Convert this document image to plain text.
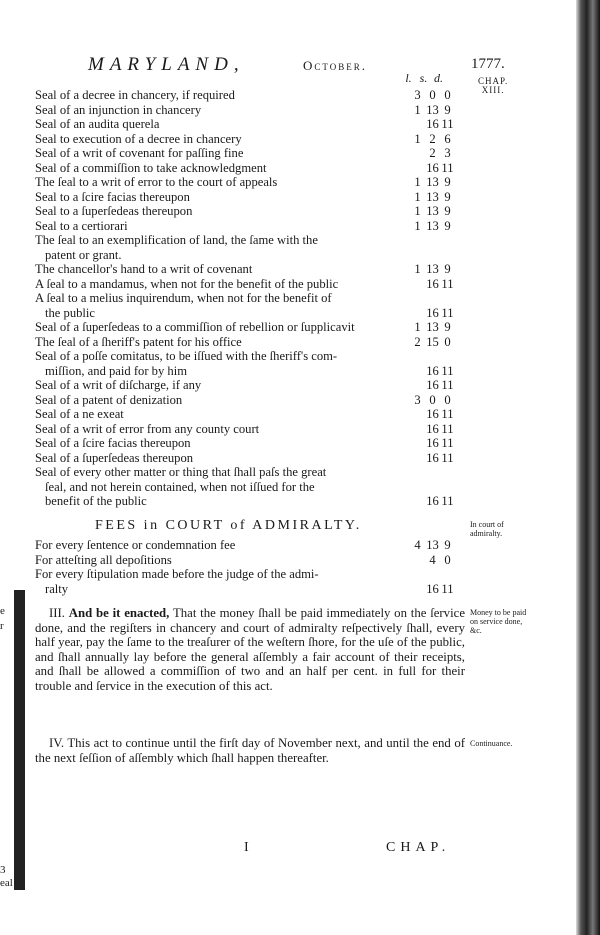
e
r
3
eal
MARYLAND,	October.	1777.
l. s. d.	CHAP.
XIII.
Seal of a decree in chancery, if required	3 0 0
Seal of an injunction in chancery	1 13 9
Seal of an audita querela	16 11
Seal to execution of a decree in chancery	1 2 6
Seal of a writ of covenant for paſſing fine	2 3
Seal of a commiſſion to take acknowledgment	16 11
The ſeal to a writ of error to the court of appeals	1 13 9
Seal to a ſcire facias thereupon	1 13 9
Seal to a ſuperſedeas thereupon	1 13 9
Seal to a certiorari	1 13 9
The ſeal to an exemplification of land, the ſame with the
patent or grant.
The chancellor's hand to a writ of covenant	1 13 9
A ſeal to a mandamus, when not for the benefit of the public	16 11
A ſeal to a melius inquirendum, when not for the benefit of
the public	16 11
Seal of a ſuperſedeas to a commiſſion of rebellion or ſupplicavit	1 13 9
The ſeal of a ſheriff's patent for his office	2 15 0
Seal of a poſſe comitatus, to be iſſued with the ſheriff's com-
miſſion, and paid for by him	16 11
Seal of a writ of diſcharge, if any	16 11
Seal of a patent of denization	3 0 0
Seal of a ne exeat	16 11
Seal of a writ of error from any county court	16 11
Seal of a ſcire facias thereupon	16 11
Seal of a ſuperſedeas thereupon	16 11
Seal of every other matter or thing that ſhall paſs the great
ſeal, and not herein contained, when not iſſued for the
benefit of the public	16 11
FEES in COURT of ADMIRALTY.	In court of admiralty.
For every ſentence or condemnation fee	4 13 9
For atteſting all depoſitions	4 0
For every ſtipulation made before the judge of the admi-
ralty	16 11

III. And be it enacted, That the money ſhall be paid immediately on the ſervice done, and the regiſters in chancery and court of admiralty reſpectively ſhall, every half year, pay the ſame to the treaſurer of the weſtern ſhore, for the uſe of the public, and ſhall annually lay before the general aſſembly a fair account of their receipts, and ſhall be allowed a commiſſion of two and an half per cent. in full for their trouble and ſervice in the execution of this act.

Money to be paid on service done, &c.

IV. This act to continue until the firſt day of November next, and until the end of the next ſeſſion of aſſembly which ſhall happen thereafter.

Continuance.
I	CHAP.
